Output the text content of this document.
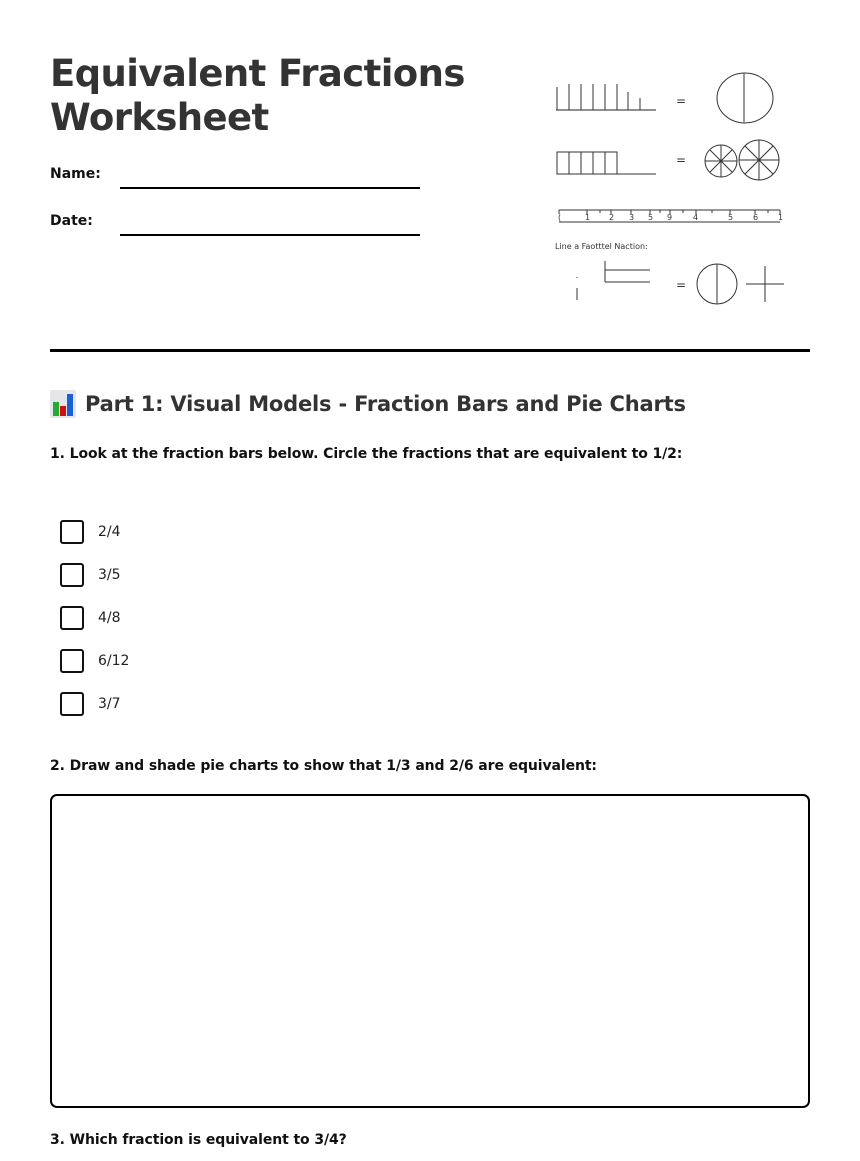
Equivalent Fractions
Worksheet
Name:
Date:
=
=
(	1 2 3 5 9	4	5 6 1
Line a Faotttel Naction:
=
Part 1: Visual Models - Fraction Bars and Pie Charts
1. Look at the fraction bars below. Circle the fractions that are equivalent to 1/2:
2/4
3/5
4/8
6/12
3/7
2. Draw and shade pie charts to show that 1/3 and 2/6 are equivalent:
3. Which fraction is equivalent to 3/4?
